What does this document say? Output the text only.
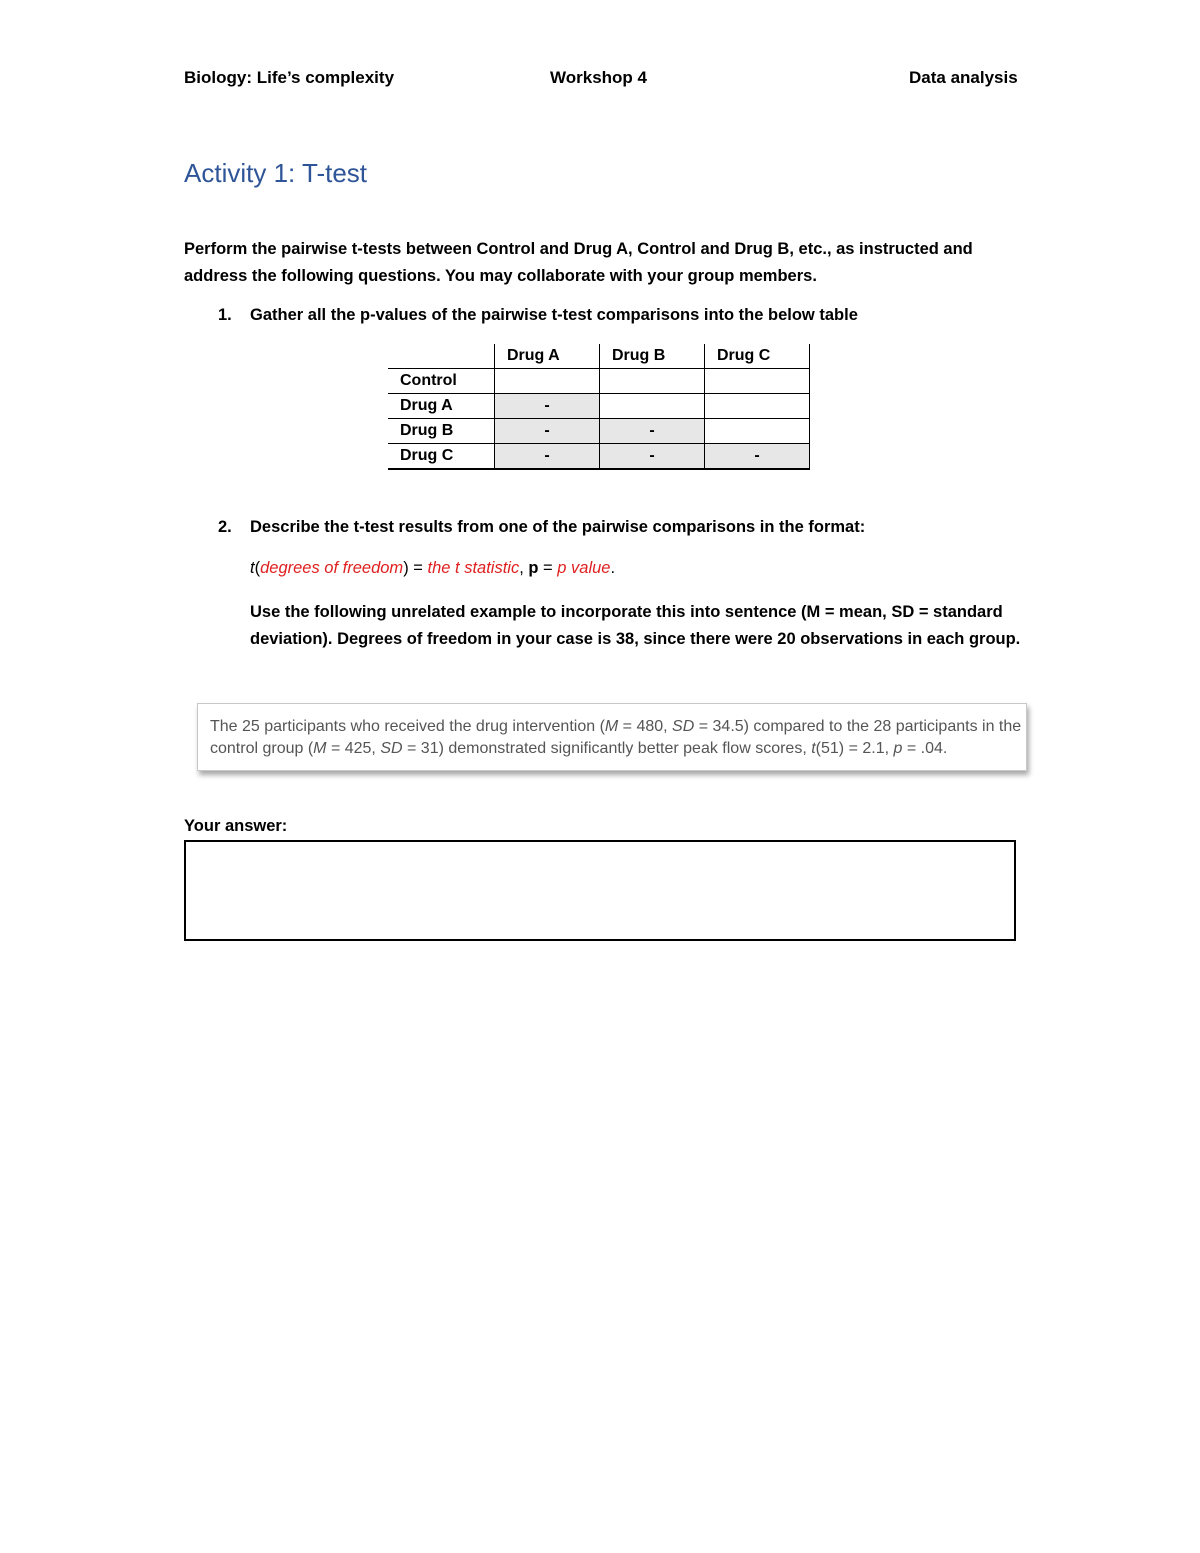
Biology: Life’s complexity	Workshop 4	Data analysis
Activity 1: T-test
Perform the pairwise t-tests between Control and Drug A, Control and Drug B, etc., as instructed and address the following questions. You may collaborate with your group members.
1. Gather all the p-values of the pairwise t-test comparisons into the below table
	Drug A	Drug B	Drug C
Control			
Drug A	-		
Drug B	-	-	
Drug C	-	-	-
2. Describe the t-test results from one of the pairwise comparisons in the format:
t(degrees of freedom) = the t statistic, p = p value.
Use the following unrelated example to incorporate this into sentence (M = mean, SD = standard deviation). Degrees of freedom in your case is 38, since there were 20 observations in each group.
The 25 participants who received the drug intervention (M = 480, SD = 34.5) compared to the 28 participants in the control group (M = 425, SD = 31) demonstrated significantly better peak flow scores, t(51) = 2.1, p = .04.
Your answer:
